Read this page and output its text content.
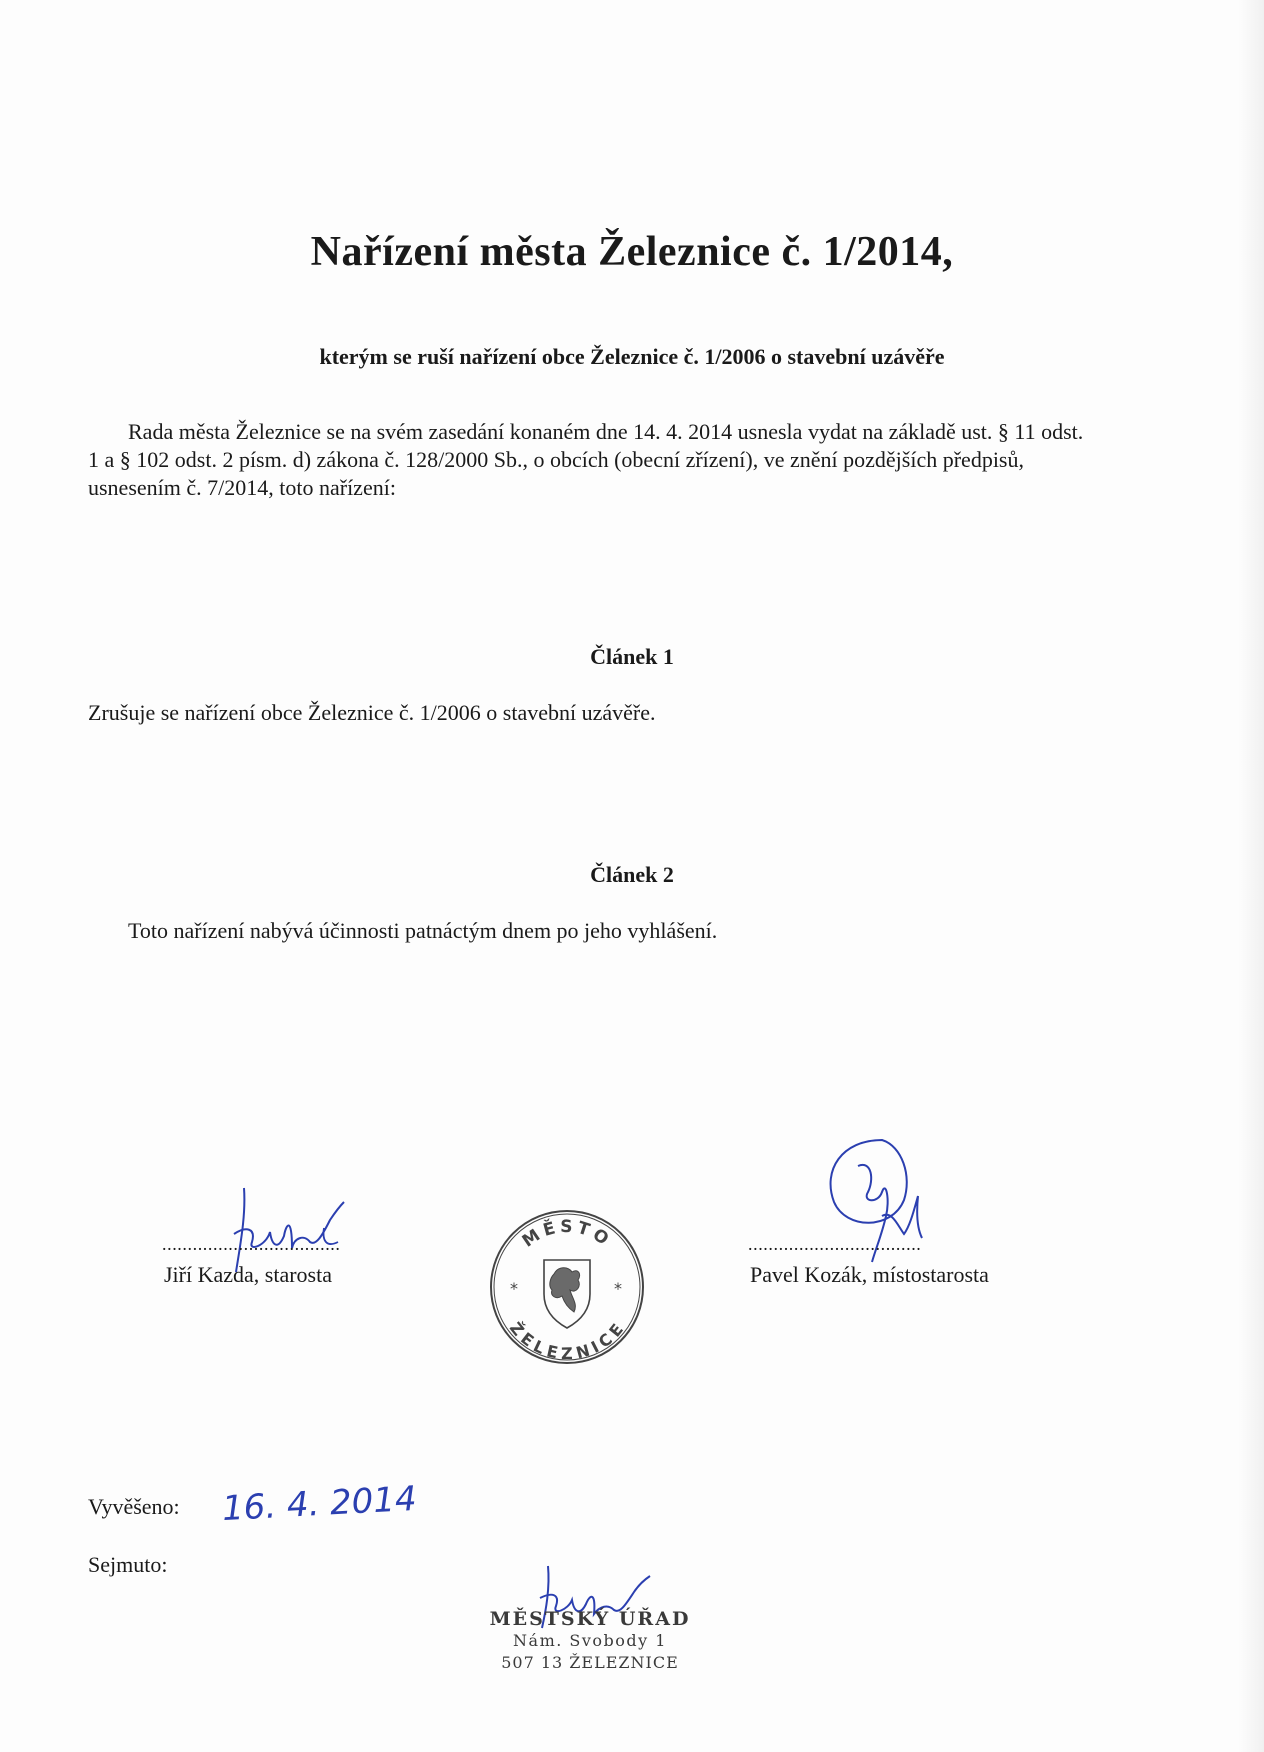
Nařízení města Železnice č. 1/2014,
kterým se ruší nařízení obce Železnice č. 1/2006 o stavební uzávěře
Rada města Železnice se na svém zasedání konaném dne 14. 4. 2014 usnesla vydat na základě ust. § 11 odst. 1 a § 102 odst. 2 písm. d) zákona č. 128/2000 Sb., o obcích (obecní zřízení), ve znění pozdějších předpisů, usnesením č. 7/2014, toto nařízení:
Článek 1
Zrušuje se nařízení obce Železnice č. 1/2006 o stavební uzávěře.
Článek 2
Toto nařízení nabývá účinnosti patnáctým dnem po jeho vyhlášení.
...................................
Jiří Kazda, starosta
..................................
Pavel Kozák, místostarosta
MĚSTO
ŽELEZNICE
*	*
Vyvěšeno: 16. 4. 2014
Sejmuto:
MĚSTSKÝ ÚŘAD
Nám. Svobody 1
507 13 ŽELEZNICE
